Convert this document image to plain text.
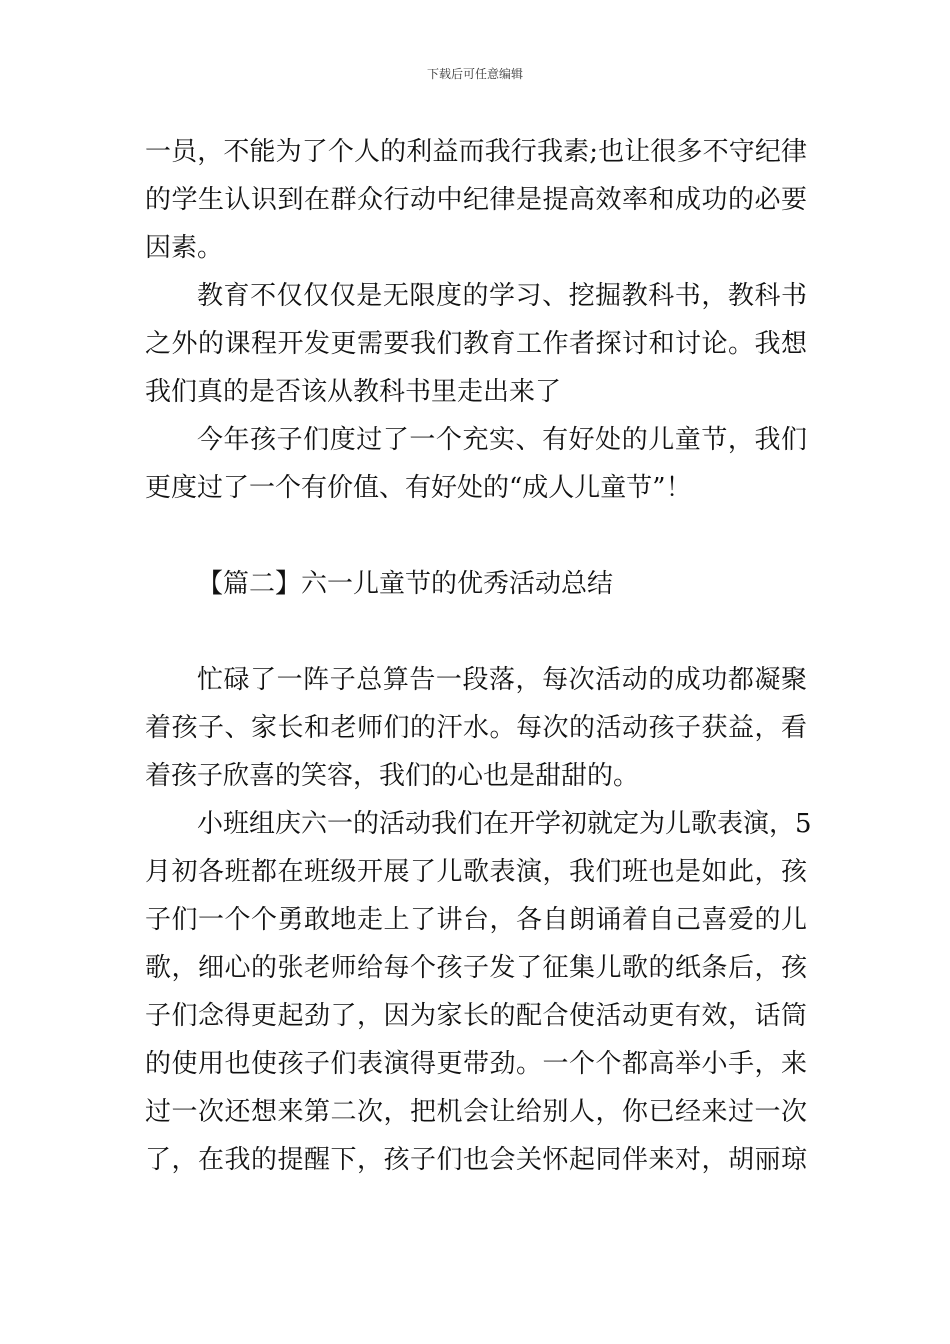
下载后可任意编辑
一员，不能为了个人的利益而我行我素;也让很多不守纪律
的学生认识到在群众行动中纪律是提高效率和成功的必要
因素。
教育不仅仅仅是无限度的学习、挖掘教科书，教科书
之外的课程开发更需要我们教育工作者探讨和讨论。我想
我们真的是否该从教科书里走出来了
今年孩子们度过了一个充实、有好处的儿童节，我们
更度过了一个有价值、有好处的“成人儿童节”！
【篇二】六一儿童节的优秀活动总结
忙碌了一阵子总算告一段落，每次活动的成功都凝聚
着孩子、家长和老师们的汗水。每次的活动孩子获益，看
着孩子欣喜的笑容，我们的心也是甜甜的。
小班组庆六一的活动我们在开学初就定为儿歌表演，5
月初各班都在班级开展了儿歌表演，我们班也是如此，孩
子们一个个勇敢地走上了讲台，各自朗诵着自己喜爱的儿
歌，细心的张老师给每个孩子发了征集儿歌的纸条后，孩
子们念得更起劲了，因为家长的配合使活动更有效，话筒
的使用也使孩子们表演得更带劲。一个个都高举小手，来
过一次还想来第二次，把机会让给别人，你已经来过一次
了，在我的提醒下，孩子们也会关怀起同伴来对，胡丽琼
